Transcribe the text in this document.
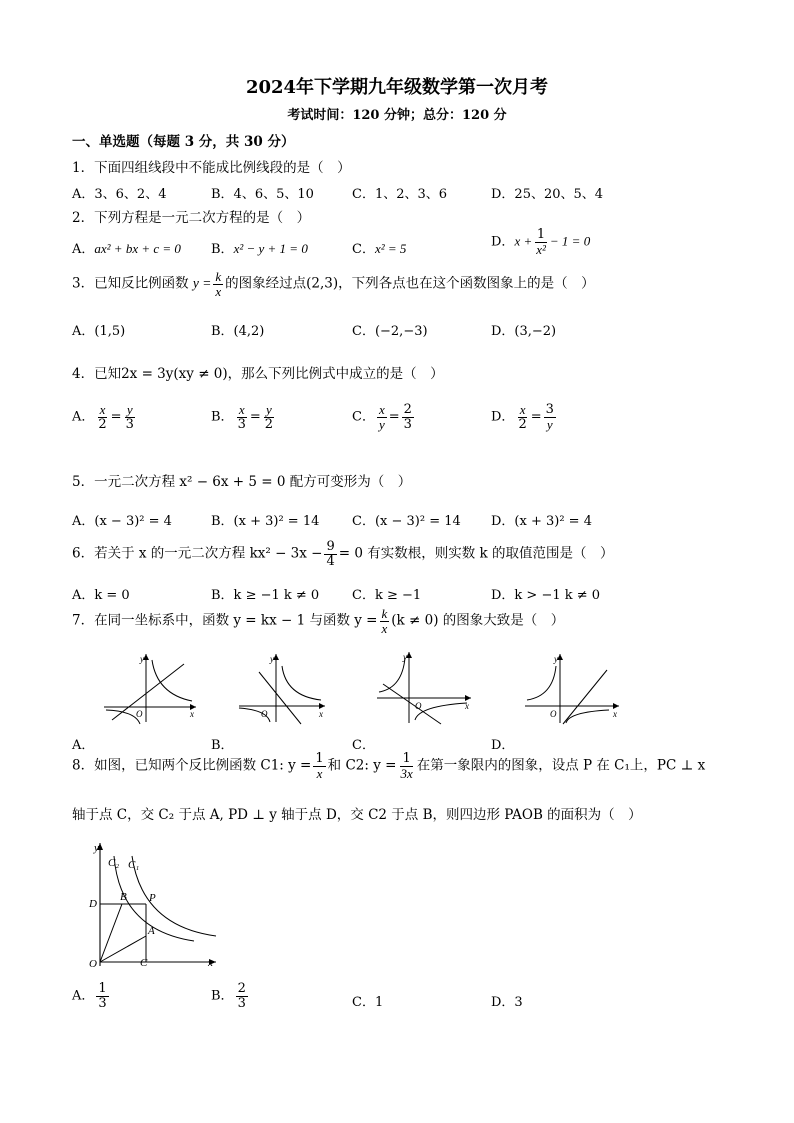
2024年下学期九年级数学第一次月考
考试时间：120 分钟；总分：120 分
一、单选题（每题 3 分，共 30 分）
1．下面四组线段中不能成比例线段的是（　）
A．3、6、2、4	B．4、6、5、10	C．1、2、3、6	D．25、20、5、4
2．下列方程是一元二次方程的是（　）
A．ax² + bx + c = 0 B．x² − y + 1 = 0	C．x² = 5	D．$x + \frac{1}{\text{x²}} - 1 = 0$
3．已知反比例函数 $y = \frac{k}{x}$ 的图象经过点(2,3)，下列各点也在这个函数图象上的是（　）
A．(1,5)	B．(4,2)	C．(−2,−3)	D．(3,−2)
4．已知2x = 3y(xy ≠ 0)，那么下列比例式中成立的是（　）
A． $\frac{x}{2} = \frac{y}{3}$	B． $\frac{x}{3} = \frac{y}{2}$	C． $\frac{x}{y} = \frac{2}{3}$	D． $\frac{x}{2} = \frac{3}{y}$
5．一元二次方程 x² − 6x + 5 = 0 配方可变形为（　）
A．(x − 3)² = 4	B．(x + 3)² = 14	C．(x − 3)² = 14 D．(x + 3)² = 4
6．若关于 x 的一元二次方程 $kx^2 - 3x - \frac{9}{4} = 0$ 有实数根，则实数 k 的取值范围是（　）
A．k = 0	B．k ≥ −1 k ≠ 0	C．k ≥ −1	D．k > −1 k ≠ 0
7．在同一坐标系中，函数 y = kx − 1 与函数 $y = \frac{k}{x} (k \ne 0)$ 的图象大致是（　）
y
x
O
A．
y
x
O
B．
y
x
O
C．
y
x
O
D．
8．如图，已知两个反比例函数 C1: $y = \frac{1}{x}$ 和 C2: $y = \frac{1}{3x}$ 在第一象限内的图象，设点 P 在 C₁上，PC ⊥ x
轴于点 C，交 C₂ 于点 A, PD ⊥ y 轴于点 D，交 C2 于点 B，则四边形 PAOB 的面积为（　）
y
C₂ C₁
D
B P
A
O	C	x
A． $\frac{1}{3}$	B． $\frac{2}{3}$	C．1	D．3
